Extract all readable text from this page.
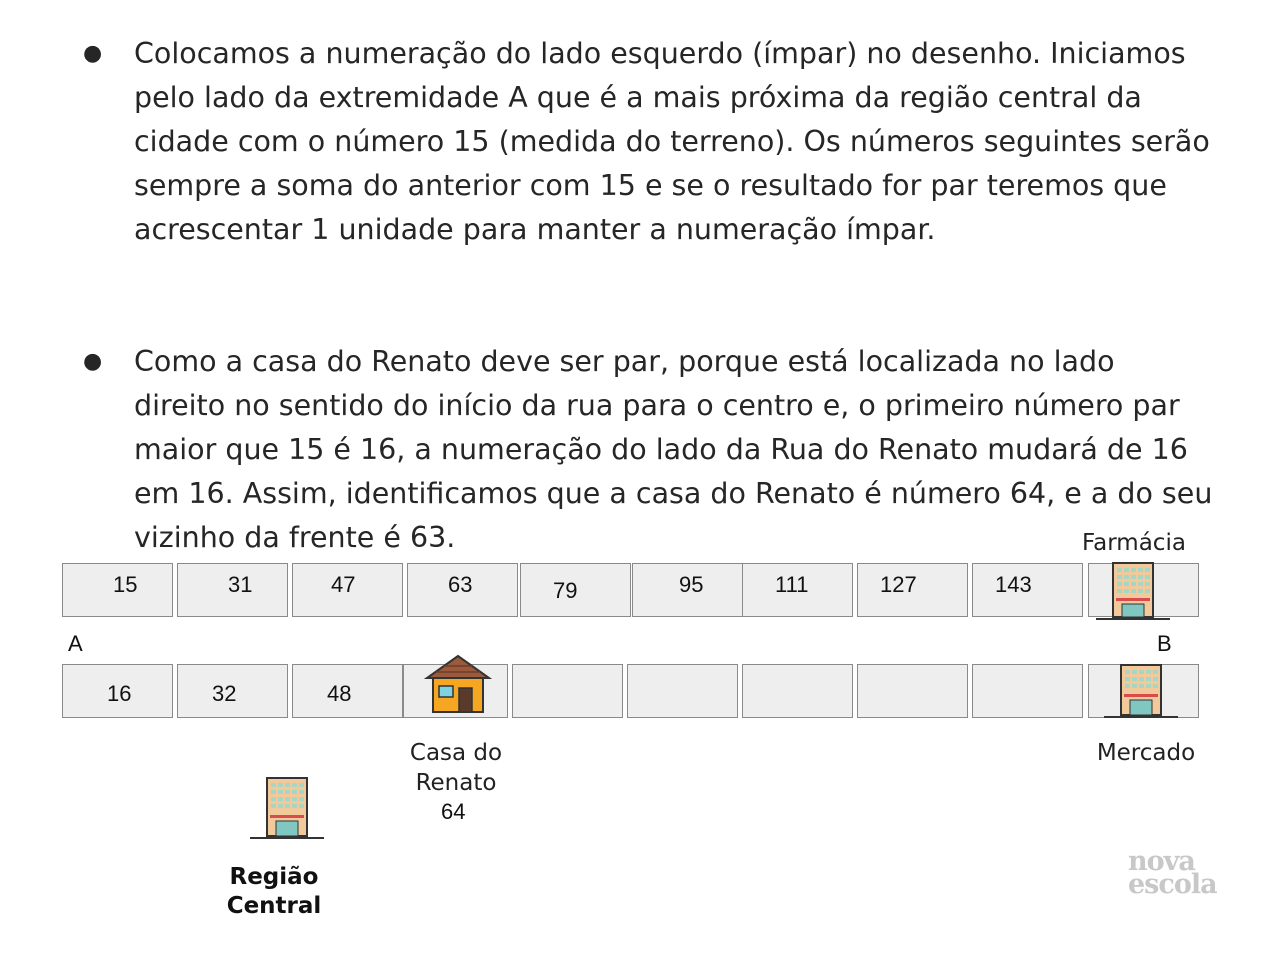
● Colocamos a numeração do lado esquerdo (ímpar) no desenho. Iniciamos pelo lado da extremidade A que é a mais próxima da região central da cidade com o número 15 (medida do terreno). Os números seguintes serão sempre a soma do anterior com 15 e se o resultado for par teremos que acrescentar 1 unidade para manter a numeração ímpar.
● Como a casa do Renato deve ser par, porque está localizada no lado direito no sentido do início da rua para o centro e, o primeiro número par maior que 15 é 16, a numeração do lado da Rua do Renato mudará de 16 em 16. Assim, identificamos que a casa do Renato é número 64, e a do seu vizinho da frente é 63.
15	31	47	63	79	95	111	127	143
16	32	48
A	B
Farmácia
Mercado
Casa do
Renato
64
Região
Central
nova
escola
